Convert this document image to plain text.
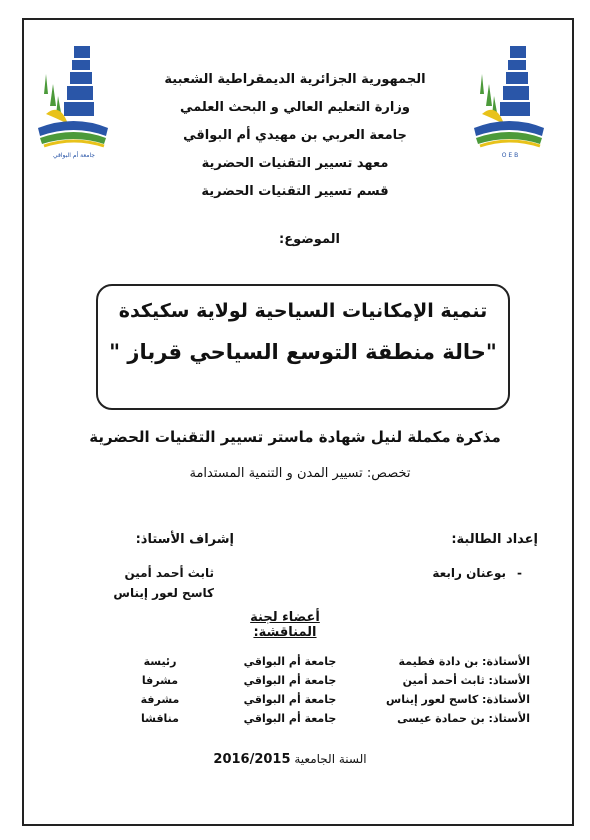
جامعة أم البواقي	O E B
الجمهورية الجزائرية الديمقراطية الشعبية
وزارة التعليم العالي و البحث العلمي
جامعة العربي بن مهيدي أم البواقي
معهد تسيير التقنيات الحضرية
قسم تسيير التقنيات الحضرية
الموضوع:
تنمية الإمكانيات السياحية لولاية سكيكدة
"حالة منطقة التوسع السياحي قرباز "
مذكرة مكملة لنيل شهادة ماستر تسيير التقنيات الحضرية
تخصص: تسيير المدن و التنمية المستدامة
إعداد الطالبة:
-
بوعنان رابعة
إشراف الأستاذ:
ثابث أحمد أمين
كاسح لعور إيناس
أعضاء لجنة المناقشة:
الأستاذة: بن دادة فطيمة	جامعة أم البواقي	رئيسة
الأستاذ: ثابث أحمد أمين	جامعة أم البواقي	مشرفا
الأستاذة: كاسح لعور إيناس	جامعة أم البواقي	مشرفة
الأستاذ: بن حمادة عيسى	جامعة أم البواقي	مناقشا
السنة الجامعية 2016/2015
